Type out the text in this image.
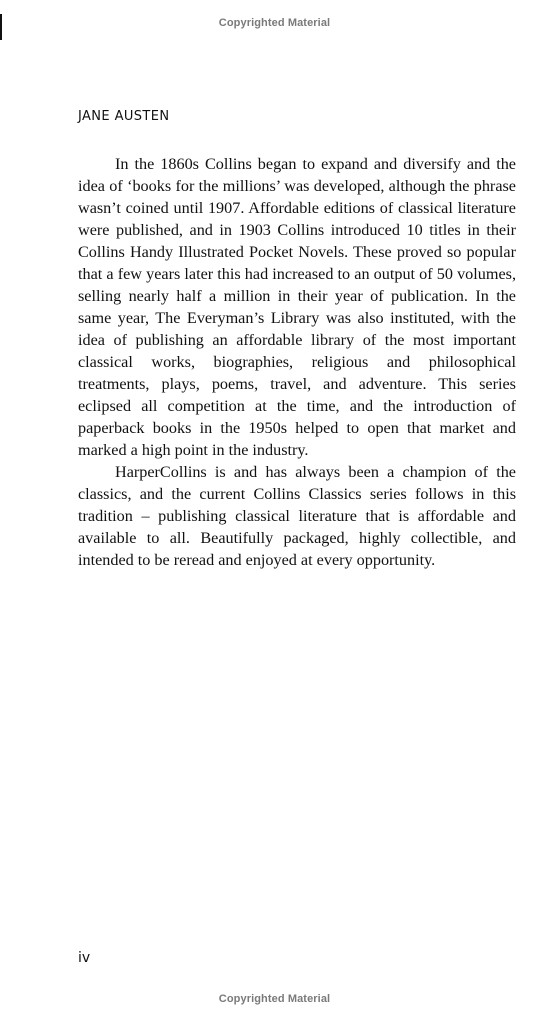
Copyrighted Material
JANE AUSTEN

In the 1860s Collins began to expand and diversify and the idea of ‘books for the millions’ was developed, although the phrase wasn’t coined until 1907. Affordable editions of classical literature were published, and in 1903 Collins introduced 10 titles in their Collins Handy Illustrated Pocket Novels. These proved so popular that a few years later this had increased to an output of 50 volumes, selling nearly half a million in their year of publication. In the same year, The Everyman’s Library was also instituted, with the idea of publishing an affordable library of the most important classical works, biographies, religious and philosophical treatments, plays, poems, travel, and adventure. This series eclipsed all competition at the time, and the introduction of paperback books in the 1950s helped to open that market and marked a high point in the industry.

HarperCollins is and has always been a champion of the classics, and the current Collins Classics series follows in this tradition – publishing classical literature that is affordable and available to all. Beautifully packaged, highly collectible, and intended to be reread and enjoyed at every opportunity.

iv
Copyrighted Material
